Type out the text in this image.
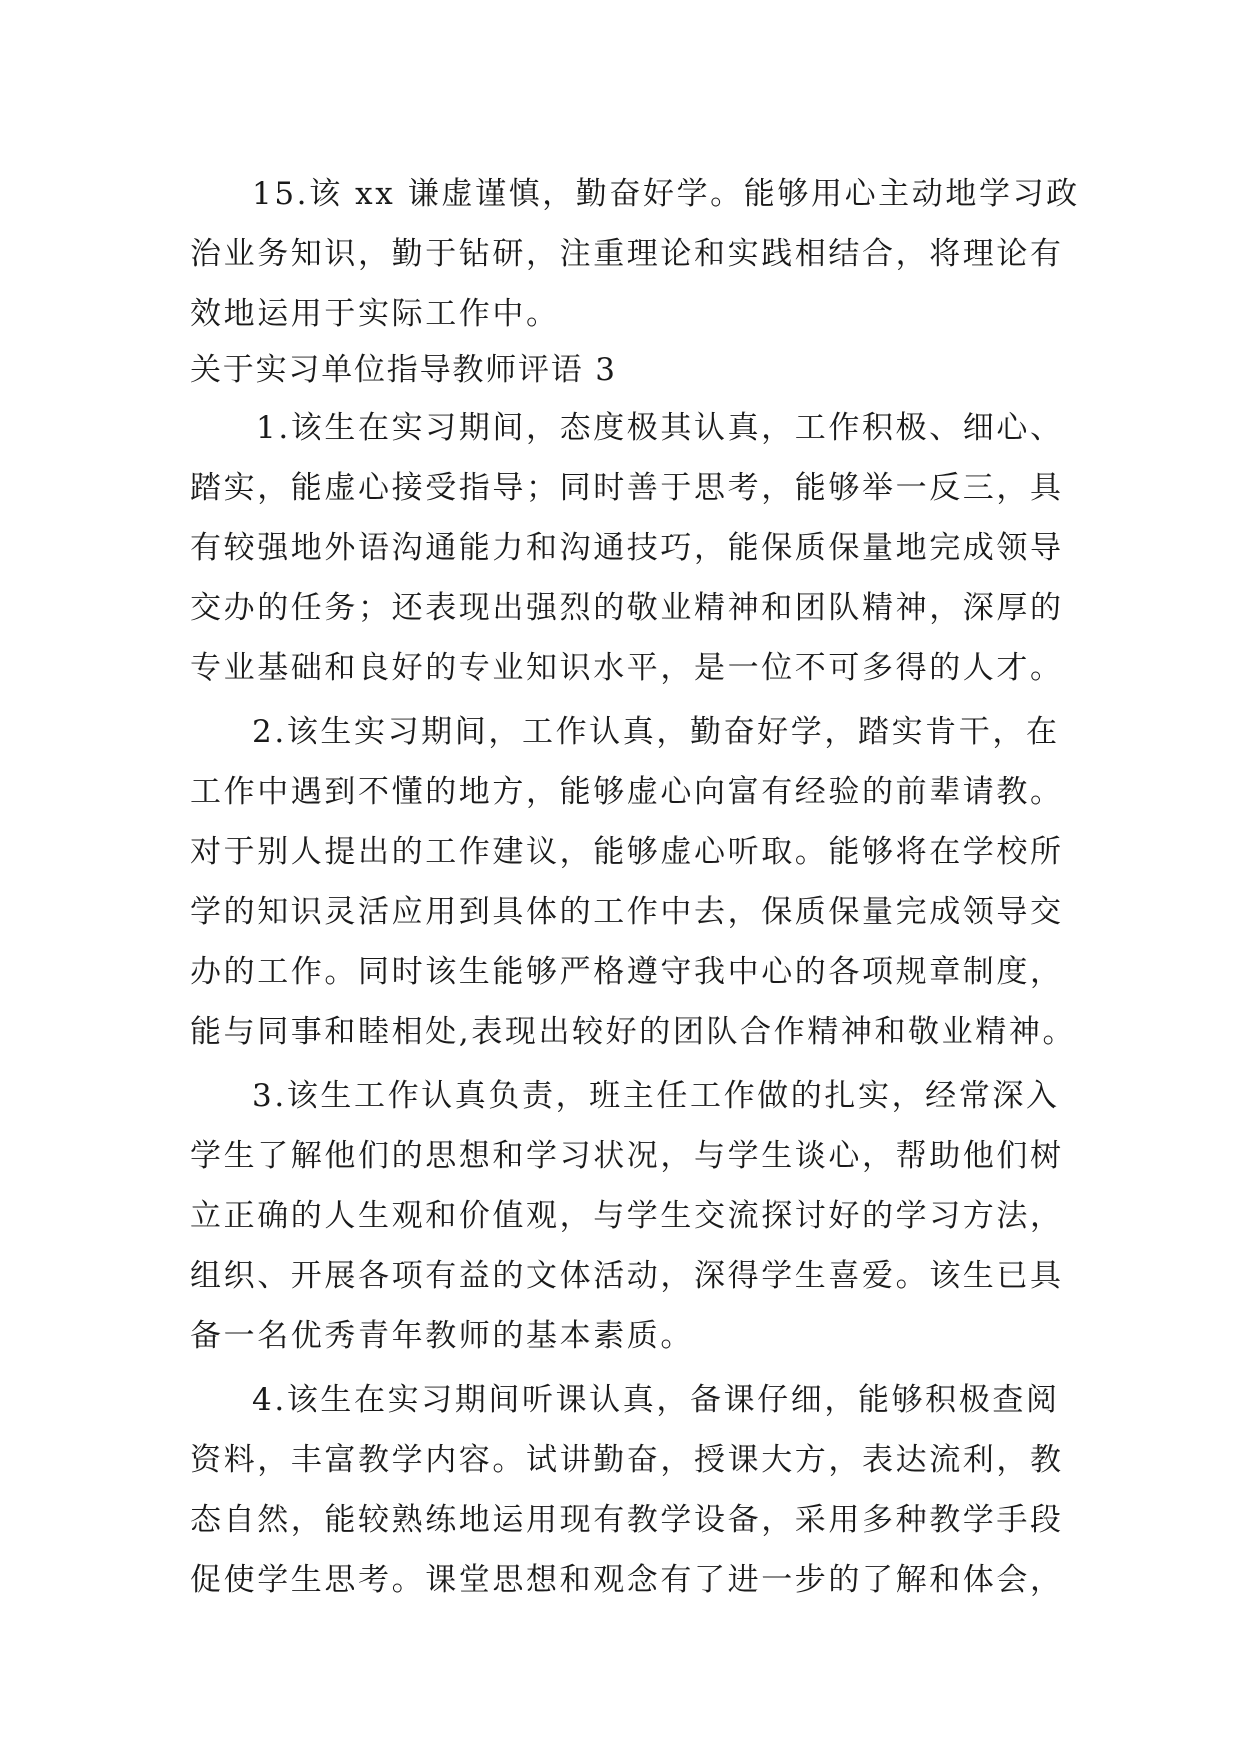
15.该 xx 谦虚谨慎，勤奋好学。能够用心主动地学习政
治业务知识，勤于钻研，注重理论和实践相结合，将理论有
效地运用于实际工作中。
关于实习单位指导教师评语 3
1.该生在实习期间，态度极其认真，工作积极、细心、
踏实，能虚心接受指导；同时善于思考，能够举一反三，具
有较强地外语沟通能力和沟通技巧，能保质保量地完成领导
交办的任务；还表现出强烈的敬业精神和团队精神，深厚的
专业基础和良好的专业知识水平，是一位不可多得的人才。
2.该生实习期间，工作认真，勤奋好学，踏实肯干，在
工作中遇到不懂的地方，能够虚心向富有经验的前辈请教。
对于别人提出的工作建议，能够虚心听取。能够将在学校所
学的知识灵活应用到具体的工作中去，保质保量完成领导交
办的工作。同时该生能够严格遵守我中心的各项规章制度，
能与同事和睦相处,表现出较好的团队合作精神和敬业精神。
3.该生工作认真负责，班主任工作做的扎实，经常深入
学生了解他们的思想和学习状况，与学生谈心，帮助他们树
立正确的人生观和价值观，与学生交流探讨好的学习方法，
组织、开展各项有益的文体活动，深得学生喜爱。该生已具
备一名优秀青年教师的基本素质。
4.该生在实习期间听课认真，备课仔细，能够积极查阅
资料，丰富教学内容。试讲勤奋，授课大方，表达流利，教
态自然，能较熟练地运用现有教学设备，采用多种教学手段
促使学生思考。课堂思想和观念有了进一步的了解和体会，
